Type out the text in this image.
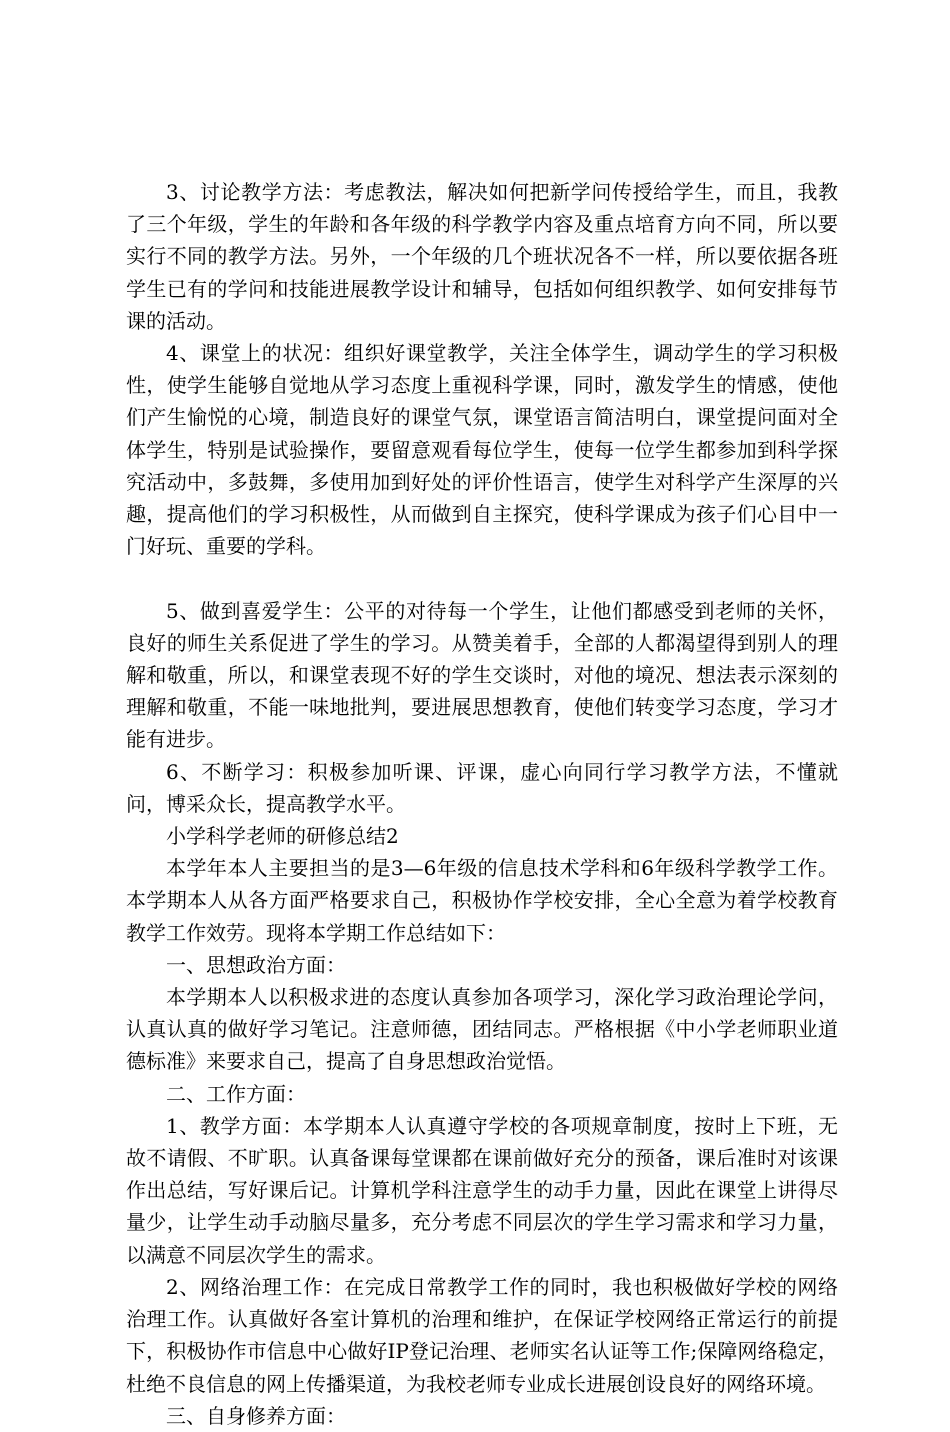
3、讨论教学方法：考虑教法，解决如何把新学问传授给学生，而且，我教了三个年级，学生的年龄和各年级的科学教学内容及重点培育方向不同，所以要实行不同的教学方法。另外，一个年级的几个班状况各不一样，所以要依据各班学生已有的学问和技能进展教学设计和辅导，包括如何组织教学、如何安排每节课的活动。

4、课堂上的状况：组织好课堂教学，关注全体学生，调动学生的学习积极性，使学生能够自觉地从学习态度上重视科学课，同时，激发学生的情感，使他们产生愉悦的心境，制造良好的课堂气氛，课堂语言简洁明白，课堂提问面对全体学生，特别是试验操作，要留意观看每位学生，使每一位学生都参加到科学探究活动中，多鼓舞，多使用加到好处的评价性语言，使学生对科学产生深厚的兴趣，提高他们的学习积极性，从而做到自主探究，使科学课成为孩子们心目中一门好玩、重要的学科。

5、做到喜爱学生：公平的对待每一个学生，让他们都感受到老师的关怀，良好的师生关系促进了学生的学习。从赞美着手，全部的人都渴望得到别人的理解和敬重，所以，和课堂表现不好的学生交谈时，对他的境况、想法表示深刻的理解和敬重，不能一味地批判，要进展思想教育，使他们转变学习态度，学习才能有进步。

6、不断学习：积极参加听课、评课，虚心向同行学习教学方法，不懂就问，博采众长，提高教学水平。

小学科学老师的研修总结2

本学年本人主要担当的是3—6年级的信息技术学科和6年级科学教学工作。本学期本人从各方面严格要求自己，积极协作学校安排，全心全意为着学校教育教学工作效劳。现将本学期工作总结如下：

一、思想政治方面：

本学期本人以积极求进的态度认真参加各项学习，深化学习政治理论学问，认真认真的做好学习笔记。注意师德，团结同志。严格根据《中小学老师职业道德标准》来要求自己，提高了自身思想政治觉悟。

二、工作方面：

1、教学方面：本学期本人认真遵守学校的各项规章制度，按时上下班，无故不请假、不旷职。认真备课每堂课都在课前做好充分的预备，课后准时对该课作出总结，写好课后记。计算机学科注意学生的动手力量，因此在课堂上讲得尽量少，让学生动手动脑尽量多，充分考虑不同层次的学生学习需求和学习力量，以满意不同层次学生的需求。

2、网络治理工作：在完成日常教学工作的同时，我也积极做好学校的网络治理工作。认真做好各室计算机的治理和维护，在保证学校网络正常运行的前提下，积极协作市信息中心做好IP登记治理、老师实名认证等工作;保障网络稳定，杜绝不良信息的网上传播渠道，为我校老师专业成长进展创设良好的网络环境。

三、自身修养方面：
